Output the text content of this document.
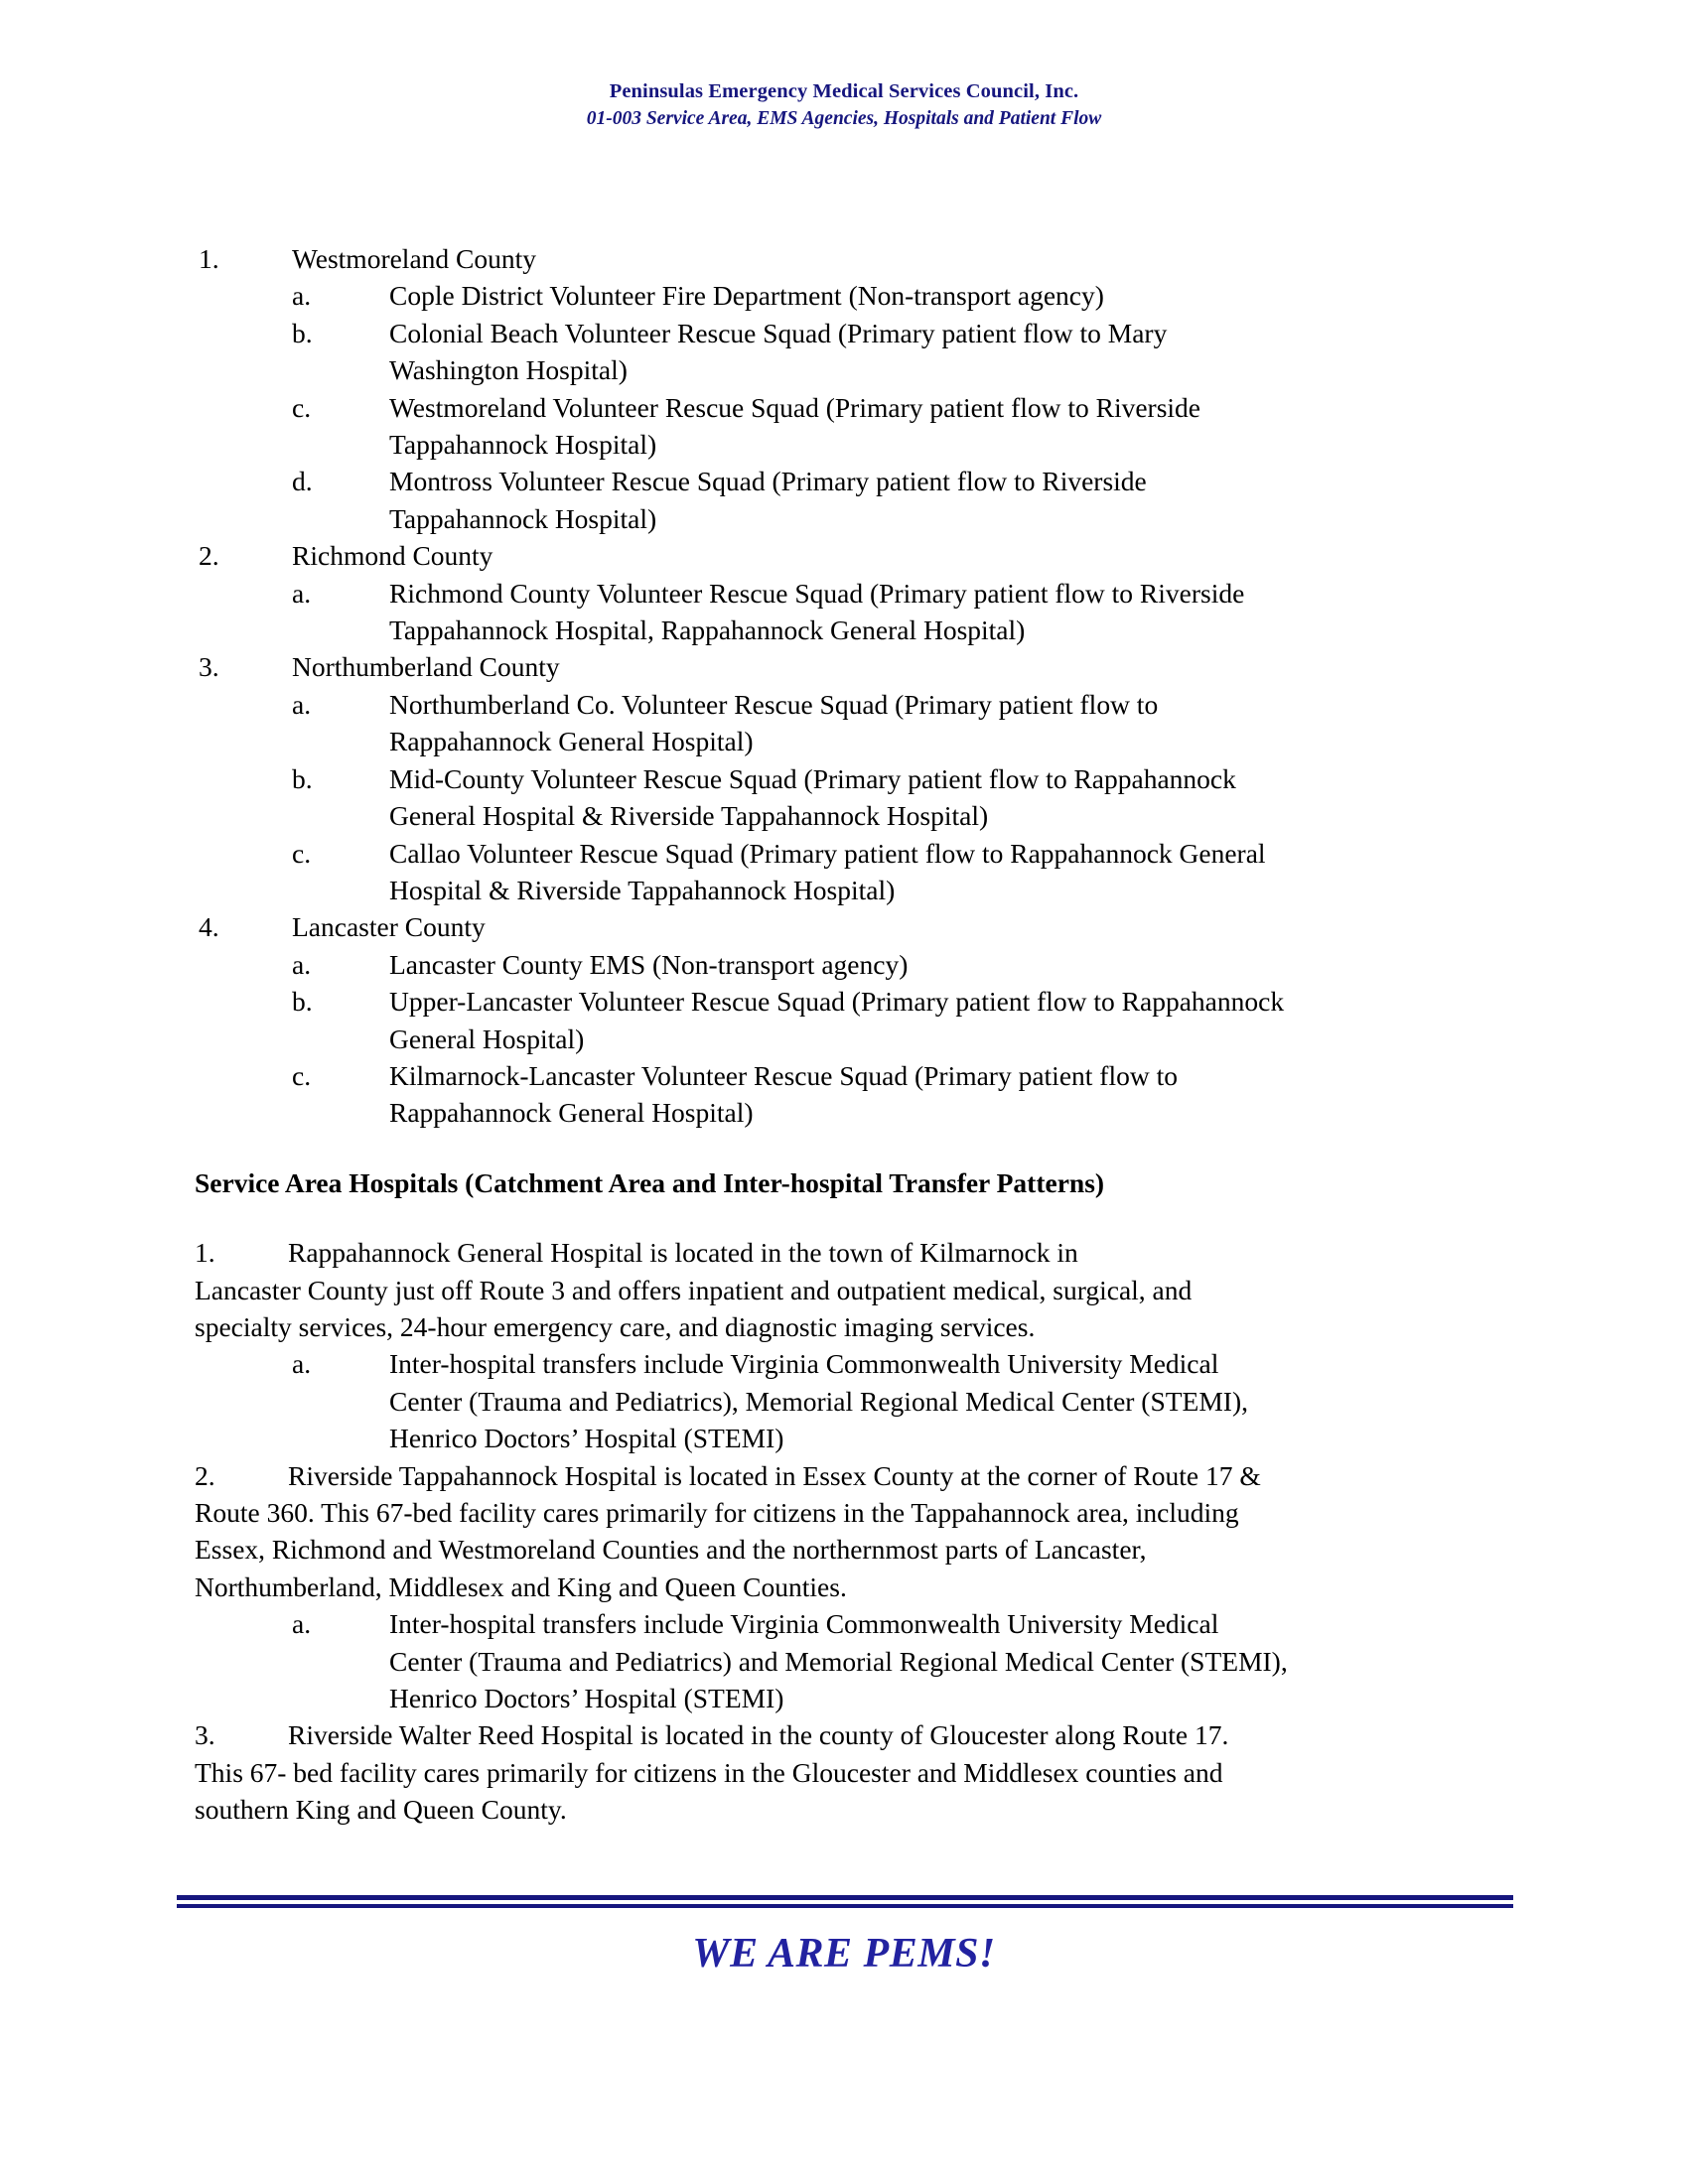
Peninsulas Emergency Medical Services Council, Inc.
01-003 Service Area, EMS Agencies, Hospitals and Patient Flow
1.	Westmoreland County
a.	Cople District Volunteer Fire Department (Non-transport agency)
b.	Colonial Beach Volunteer Rescue Squad (Primary patient flow to Mary
Washington Hospital)
c.	Westmoreland Volunteer Rescue Squad (Primary patient flow to Riverside
Tappahannock Hospital)
d.	Montross Volunteer Rescue Squad (Primary patient flow to Riverside
Tappahannock Hospital)
2.	Richmond County
a.	Richmond County Volunteer Rescue Squad (Primary patient flow to Riverside
Tappahannock Hospital, Rappahannock General Hospital)
3.	Northumberland County
a.	Northumberland Co. Volunteer Rescue Squad (Primary patient flow to
Rappahannock General Hospital)
b.	Mid-County Volunteer Rescue Squad (Primary patient flow to Rappahannock
General Hospital & Riverside Tappahannock Hospital)
c.	Callao Volunteer Rescue Squad (Primary patient flow to Rappahannock General
Hospital & Riverside Tappahannock Hospital)
4.	Lancaster County
a.	Lancaster County EMS (Non-transport agency)
b.	Upper-Lancaster Volunteer Rescue Squad (Primary patient flow to Rappahannock
General Hospital)
c.	Kilmarnock-Lancaster Volunteer Rescue Squad (Primary patient flow to
Rappahannock General Hospital)
Service Area Hospitals (Catchment Area and Inter-hospital Transfer Patterns)
1.	Rappahannock General Hospital is located in the town of Kilmarnock in
Lancaster County just off Route 3 and offers inpatient and outpatient medical, surgical, and
specialty services, 24-hour emergency care, and diagnostic imaging services.
a.	Inter-hospital transfers include Virginia Commonwealth University Medical
Center (Trauma and Pediatrics), Memorial Regional Medical Center (STEMI),
Henrico Doctors’ Hospital (STEMI)
2.	Riverside Tappahannock Hospital is located in Essex County at the corner of Route 17 &
Route 360. This 67-bed facility cares primarily for citizens in the Tappahannock area, including
Essex, Richmond and Westmoreland Counties and the northernmost parts of Lancaster,
Northumberland, Middlesex and King and Queen Counties.
a.	Inter-hospital transfers include Virginia Commonwealth University Medical
Center (Trauma and Pediatrics) and Memorial Regional Medical Center (STEMI),
Henrico Doctors’ Hospital (STEMI)
3.	Riverside Walter Reed Hospital is located in the county of Gloucester along Route 17.
This 67- bed facility cares primarily for citizens in the Gloucester and Middlesex counties and
southern King and Queen County.
WE ARE PEMS!
